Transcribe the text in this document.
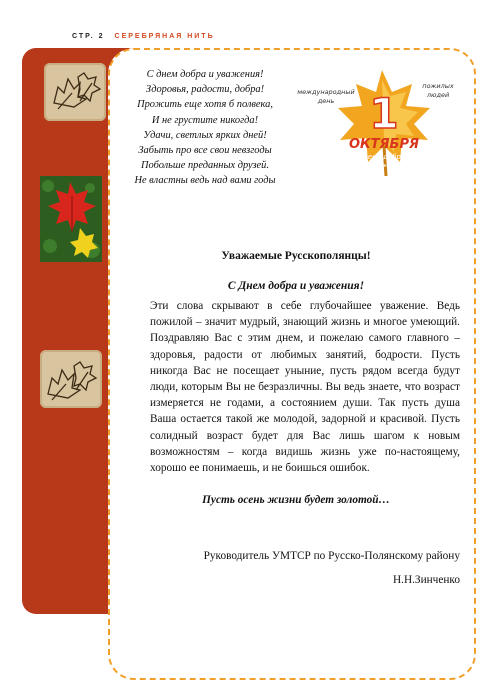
СТР. 2 СЕРЕБРЯНАЯ НИТЬ
С днем добра и уважения!
Здоровья, радости, добра!
Прожить еще хотя б полвека,
И не грустите никогда!
Удачи, светлых ярких дней!
Забыть про все свои невзгоды
Побольше преданных друзей.
Не властны ведь над вами годы
1
ОКТЯБРЯ
день добра
и уважения
международный
день
пожилых
людей
Уважаемые Русскополянцы!
С Днем добра и уважения!
Эти слова скрывают в себе глубочайшее уважение. Ведь пожилой – значит мудрый, знающий жизнь и многое умеющий. Поздравляю Вас с этим днем, и пожелаю самого главного – здоровья, радости от любимых занятий, бодрости. Пусть никогда Вас не посещает уныние, пусть рядом всегда будут люди, которым Вы не безразличны. Вы ведь знаете, что возраст измеряется не годами, а состоянием души. Так пусть душа Ваша остается такой же молодой, задорной и красивой. Пусть солидный возраст будет для Вас лишь шагом к новым возможностям – когда видишь жизнь уже по-настоящему, хорошо ее понимаешь, и не боишься ошибок.
Пусть осень жизни будет золотой…
Руководитель УМТСР по Русско-Полянскому району
Н.Н.Зинченко
